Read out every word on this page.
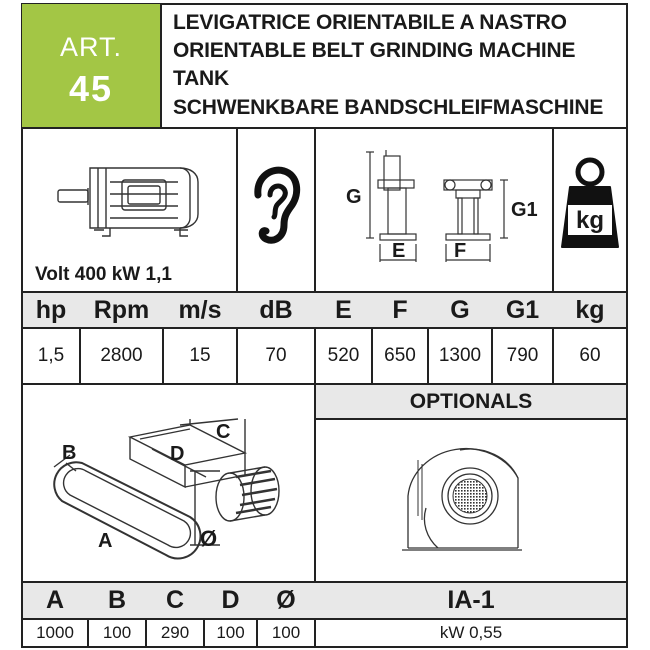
ART.
45
LEVIGATRICE ORIENTABILE A NASTRO
ORIENTABLE BELT GRINDING MACHINE
TANK
SCHWENKBARE BANDSCHLEIFMASCHINE
Volt 400 kW 1,1
G
E
G1
F
kg
hp	Rpm	m/s	dB	E	F	G	G1	kg
1,5	2800	15	70	520	650	1300	790	60
B
C
D
A	Ø
OPTIONALS
A	B	C	D	Ø	IA-1
1000	100	290	100	100	kW 0,55
